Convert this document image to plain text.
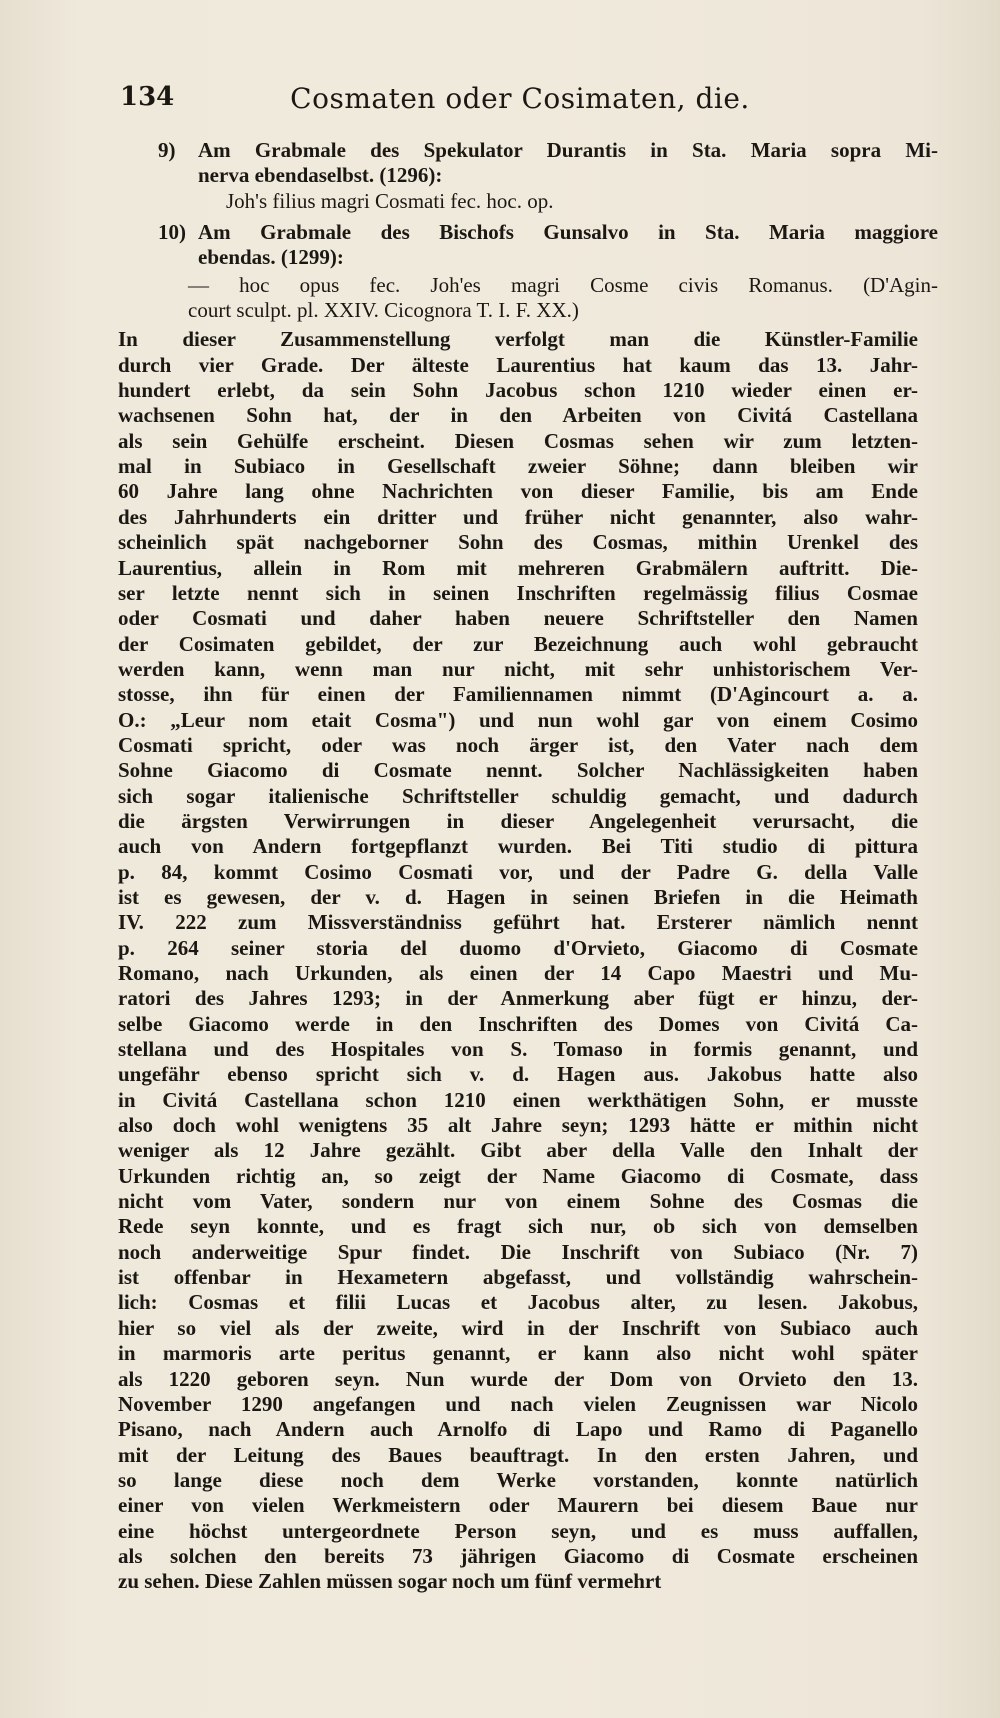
134	Cosmaten oder Cosimaten, die.
9) Am Grabmale des Spekulator Durantis in Sta. Maria sopra Mi-
nerva ebendaselbst. (1296):
Joh's filius magri Cosmati fec. hoc. op.
10) Am Grabmale des Bischofs Gunsalvo in Sta. Maria maggiore
ebendas. (1299):
— hoc opus fec. Joh'es magri Cosme civis Romanus. (D'Agin-
court sculpt. pl. XXIV. Cicognora T. I. F. XX.)
In dieser Zusammenstellung verfolgt man die Künstler-Familie
durch vier Grade. Der älteste Laurentius hat kaum das 13. Jahr-
hundert erlebt, da sein Sohn Jacobus schon 1210 wieder einen er-
wachsenen Sohn hat, der in den Arbeiten von Civitá Castellana
als sein Gehülfe erscheint. Diesen Cosmas sehen wir zum letzten-
mal in Subiaco in Gesellschaft zweier Söhne; dann bleiben wir
60 Jahre lang ohne Nachrichten von dieser Familie, bis am Ende
des Jahrhunderts ein dritter und früher nicht genannter, also wahr-
scheinlich spät nachgeborner Sohn des Cosmas, mithin Urenkel des
Laurentius, allein in Rom mit mehreren Grabmälern auftritt. Die-
ser letzte nennt sich in seinen Inschriften regelmässig filius Cosmae
oder Cosmati und daher haben neuere Schriftsteller den Namen
der Cosimaten gebildet, der zur Bezeichnung auch wohl gebraucht
werden kann, wenn man nur nicht, mit sehr unhistorischem Ver-
stosse, ihn für einen der Familiennamen nimmt (D'Agincourt a. a.
O.: „Leur nom etait Cosma") und nun wohl gar von einem Cosimo
Cosmati spricht, oder was noch ärger ist, den Vater nach dem
Sohne Giacomo di Cosmate nennt. Solcher Nachlässigkeiten haben
sich sogar italienische Schriftsteller schuldig gemacht, und dadurch
die ärgsten Verwirrungen in dieser Angelegenheit verursacht, die
auch von Andern fortgepflanzt wurden. Bei Titi studio di pittura
p. 84, kommt Cosimo Cosmati vor, und der Padre G. della Valle
ist es gewesen, der v. d. Hagen in seinen Briefen in die Heimath
IV. 222 zum Missverständniss geführt hat. Ersterer nämlich nennt
p. 264 seiner storia del duomo d'Orvieto, Giacomo di Cosmate
Romano, nach Urkunden, als einen der 14 Capo Maestri und Mu-
ratori des Jahres 1293; in der Anmerkung aber fügt er hinzu, der-
selbe Giacomo werde in den Inschriften des Domes von Civitá Ca-
stellana und des Hospitales von S. Tomaso in formis genannt, und
ungefähr ebenso spricht sich v. d. Hagen aus. Jakobus hatte also
in Civitá Castellana schon 1210 einen werkthätigen Sohn, er musste
also doch wohl wenigtens 35 alt Jahre seyn; 1293 hätte er mithin nicht
weniger als 12 Jahre gezählt. Gibt aber della Valle den Inhalt der
Urkunden richtig an, so zeigt der Name Giacomo di Cosmate, dass
nicht vom Vater, sondern nur von einem Sohne des Cosmas die
Rede seyn konnte, und es fragt sich nur, ob sich von demselben
noch anderweitige Spur findet. Die Inschrift von Subiaco (Nr. 7)
ist offenbar in Hexametern abgefasst, und vollständig wahrschein-
lich: Cosmas et filii Lucas et Jacobus alter, zu lesen. Jakobus,
hier so viel als der zweite, wird in der Inschrift von Subiaco auch
in marmoris arte peritus genannt, er kann also nicht wohl später
als 1220 geboren seyn. Nun wurde der Dom von Orvieto den 13.
November 1290 angefangen und nach vielen Zeugnissen war Nicolo
Pisano, nach Andern auch Arnolfo di Lapo und Ramo di Paganello
mit der Leitung des Baues beauftragt. In den ersten Jahren, und
so lange diese noch dem Werke vorstanden, konnte natürlich
einer von vielen Werkmeistern oder Maurern bei diesem Baue nur
eine höchst untergeordnete Person seyn, und es muss auffallen,
als solchen den bereits 73 jährigen Giacomo di Cosmate erscheinen
zu sehen. Diese Zahlen müssen sogar noch um fünf vermehrt
